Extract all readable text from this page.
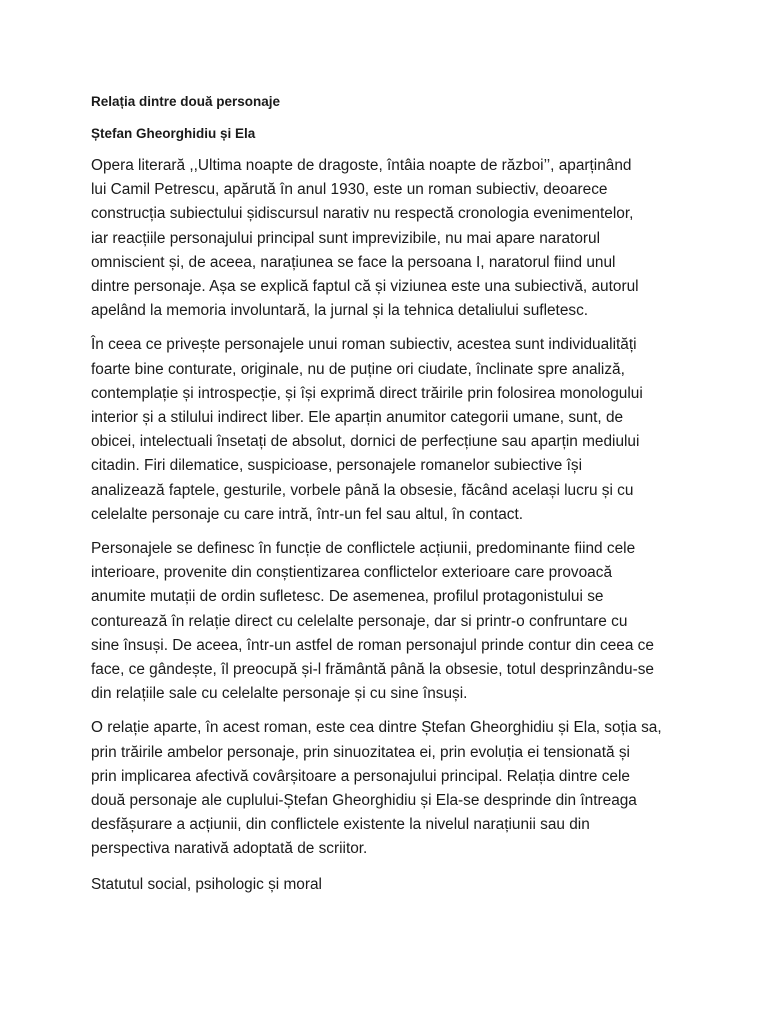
Relația dintre două personaje

Ștefan Gheorghidiu și Ela

Opera literară ,,Ultima noapte de dragoste, întâia noapte de război’’, aparținând
lui Camil Petrescu, apărută în anul 1930, este un roman subiectiv, deoarece
construcția subiectului șidiscursul narativ nu respectă cronologia evenimentelor,
iar reacțiile personajului principal sunt imprevizibile, nu mai apare naratorul
omniscient și, de aceea, narațiunea se face la persoana I, naratorul fiind unul
dintre personaje. Așa se explică faptul că și viziunea este una subiectivă, autorul
apelând la memoria involuntară, la jurnal și la tehnica detaliului sufletesc.

În ceea ce privește personajele unui roman subiectiv, acestea sunt individualități
foarte bine conturate, originale, nu de puține ori ciudate, înclinate spre analiză,
contemplație și introspecție, și își exprimă direct trăirile prin folosirea monologului
interior și a stilului indirect liber. Ele aparțin anumitor categorii umane, sunt, de
obicei, intelectuali însetați de absolut, dornici de perfecțiune sau aparțin mediului
citadin. Firi dilematice, suspicioase, personajele romanelor subiective își
analizează faptele, gesturile, vorbele până la obsesie, făcând același lucru și cu
celelalte personaje cu care intră, într-un fel sau altul, în contact.

Personajele se definesc în funcție de conflictele acțiunii, predominante fiind cele
interioare, provenite din conștientizarea conflictelor exterioare care provoacă
anumite mutații de ordin sufletesc. De asemenea, profilul protagonistului se
conturează în relație direct cu celelalte personaje, dar si printr-o confruntare cu
sine însuși. De aceea, într-un astfel de roman personajul prinde contur din ceea ce
face, ce gândește, îl preocupă și-l frământă până la obsesie, totul desprinzându-se
din relațiile sale cu celelalte personaje și cu sine însuși.

O relație aparte, în acest roman, este cea dintre Ștefan Gheorghidiu și Ela, soția sa,
prin trăirile ambelor personaje, prin sinuozitatea ei, prin evoluția ei tensionată și
prin implicarea afectivă covârșitoare a personajului principal. Relația dintre cele
două personaje ale cuplului-Ștefan Gheorghidiu și Ela-se desprinde din întreaga
desfășurare a acțiunii, din conflictele existente la nivelul narațiunii sau din
perspectiva narativă adoptată de scriitor.

Statutul social, psihologic și moral
